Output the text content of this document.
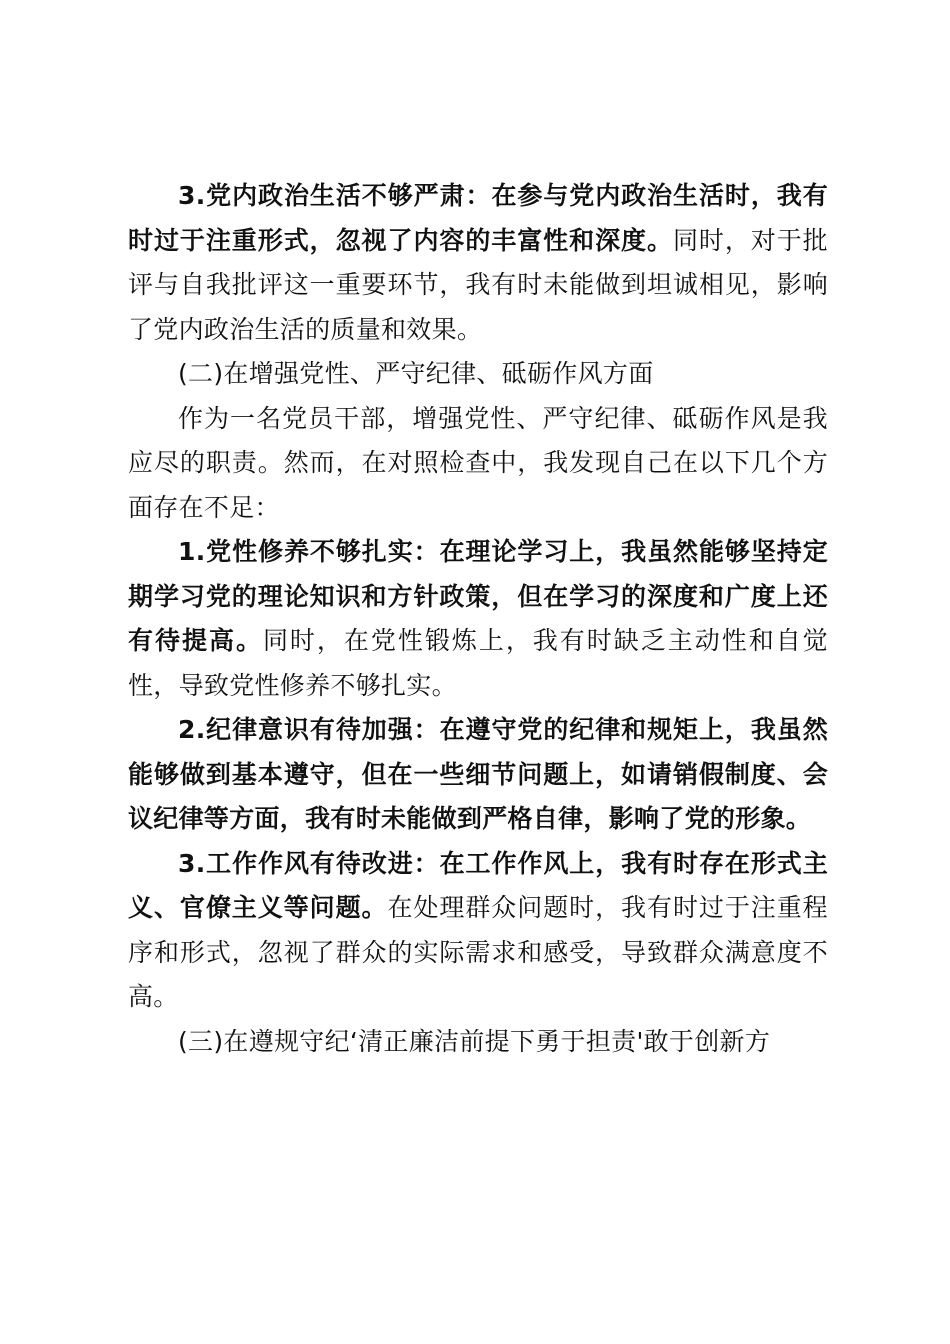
3.党内政治生活不够严肃：在参与党内政治生活时，我有时过于注重形式，忽视了内容的丰富性和深度。同时，对于批评与自我批评这一重要环节，我有时未能做到坦诚相见，影响了党内政治生活的质量和效果。

(二)在增强党性、严守纪律、砥砺作风方面

作为一名党员干部，增强党性、严守纪律、砥砺作风是我应尽的职责。然而，在对照检查中，我发现自己在以下几个方面存在不足：

1.党性修养不够扎实：在理论学习上，我虽然能够坚持定期学习党的理论知识和方针政策，但在学习的深度和广度上还有待提高。同时，在党性锻炼上，我有时缺乏主动性和自觉性，导致党性修养不够扎实。

2.纪律意识有待加强：在遵守党的纪律和规矩上，我虽然能够做到基本遵守，但在一些细节问题上，如请销假制度、会议纪律等方面，我有时未能做到严格自律，影响了党的形象。

3.工作作风有待改进：在工作作风上，我有时存在形式主义、官僚主义等问题。在处理群众问题时，我有时过于注重程序和形式，忽视了群众的实际需求和感受，导致群众满意度不高。

(三)在遵规守纪‘清正廉洁前提下勇于担责'敢于创新方
